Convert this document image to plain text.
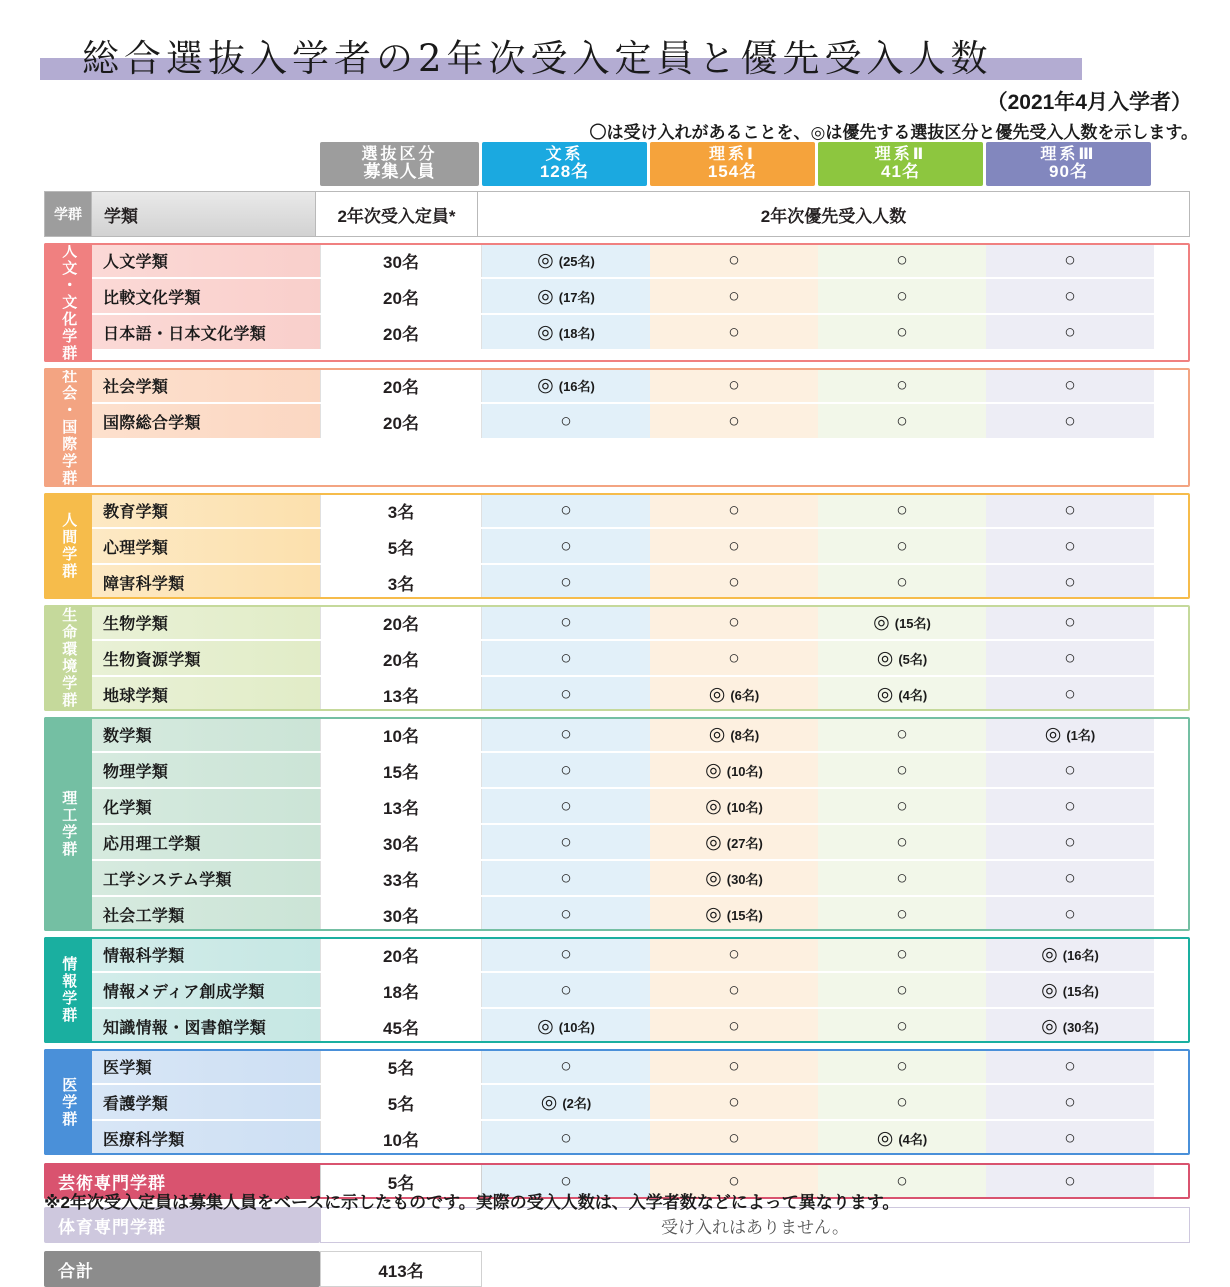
総合選抜入学者の2年次受入定員と優先受入人数
（2021年4月入学者）
〇は受け入れがあることを、◎は優先する選抜区分と優先受入人数を示します。
選抜区分
募集人員
文系
128名
理系Ⅰ
154名
理系Ⅱ
41名
理系Ⅲ
90名
学群	学類	2年次受入定員*	2年次優先受入人数
人文・文化学群	人文学類	30名	◎ (25名)	○	○	○
比較文化学類	20名	◎ (17名)	○	○	○
日本語・日本文化学類	20名	◎ (18名)	○	○	○
社会・国際学群	社会学類	20名	◎ (16名)	○	○	○
国際総合学類	20名	○	○	○	○
人間学群	教育学類	3名	○	○	○	○
心理学類	5名	○	○	○	○
障害科学類	3名	○	○	○	○
生命環境学群	生物学類	20名	○	○	◎ (15名)	○
生物資源学類	20名	○	○	◎ (5名)	○
地球学類	13名	○	◎ (6名)	◎ (4名)	○
理工学群
数学類	10名	○	◎ (8名)	○	◎ (1名)
物理学類	15名	○	◎ (10名)	○	○
化学類	13名	○	◎ (10名)	○	○
応用理工学類	30名	○	◎ (27名)	○	○
工学システム学類	33名	○	◎ (30名)	○	○
社会工学類	30名	○	◎ (15名)	○	○
情報学群	情報科学類	20名	○	○	○	◎ (16名)
情報メディア創成学類	18名	○	○	○	◎ (15名)
知識情報・図書館学類	45名	◎ (10名)	○	○	◎ (30名)
医学群
医学類	5名	○	○	○	○
看護学類	5名	◎ (2名)	○	○	○
医療科学類	10名	○	○	◎ (4名)	○
芸術専門学群	5名	○	○	○	○
体育専門学群	受け入れはありません。
合計	413名
※2年次受入定員は募集人員をベースに示したものです。実際の受入人数は、入学者数などによって異なります。
